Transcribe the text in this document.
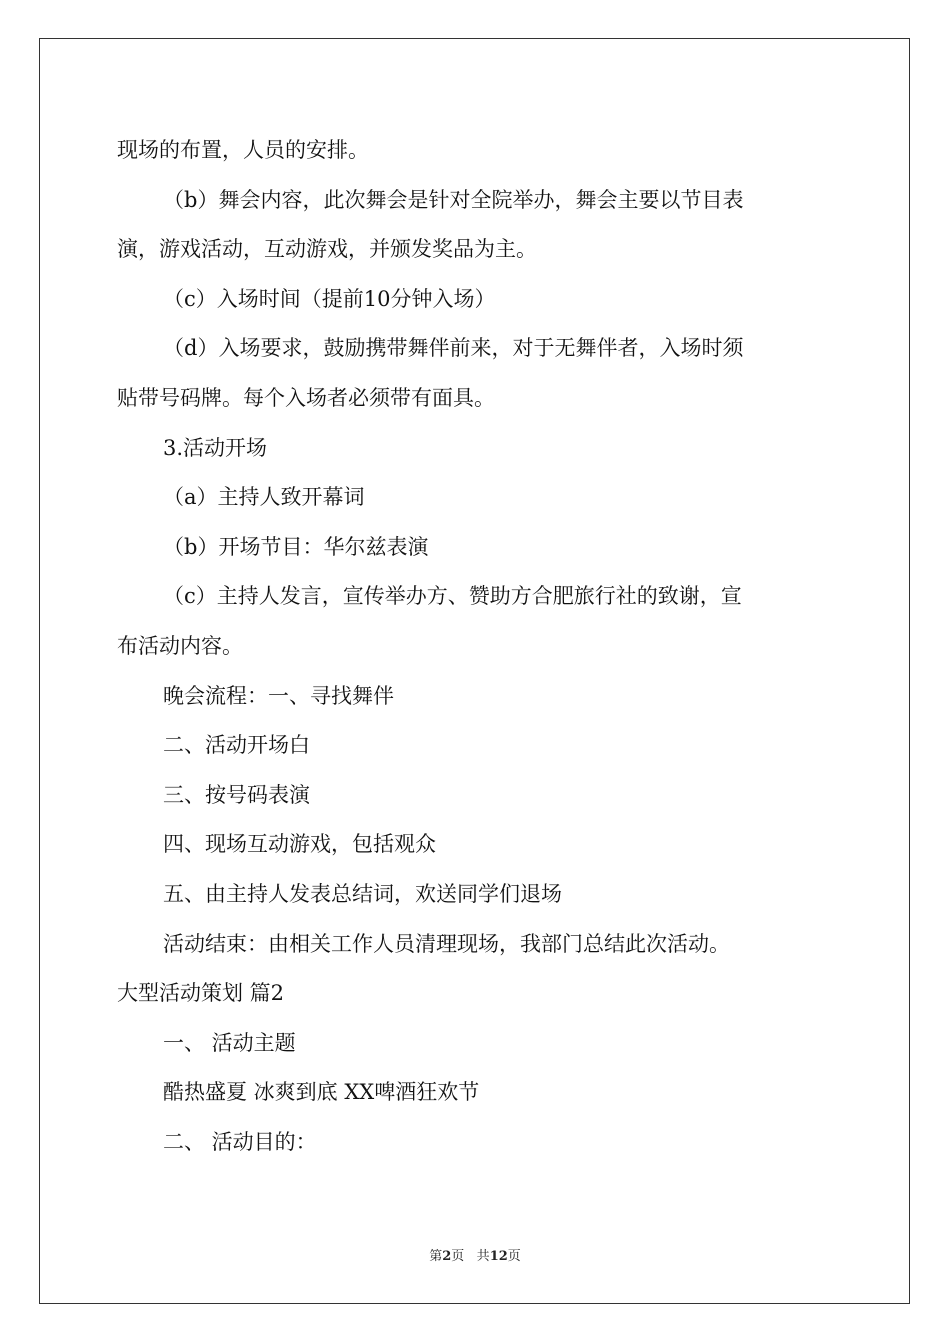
现场的布置，人员的安排。
（b）舞会内容，此次舞会是针对全院举办，舞会主要以节目表
演，游戏活动，互动游戏，并颁发奖品为主。
（c）入场时间（提前10分钟入场）
（d）入场要求，鼓励携带舞伴前来，对于无舞伴者，入场时须
贴带号码牌。每个入场者必须带有面具。
3.活动开场
（a）主持人致开幕词
（b）开场节目：华尔兹表演
（c）主持人发言，宣传举办方、赞助方合肥旅行社的致谢，宣
布活动内容。
晚会流程：一、寻找舞伴
二、活动开场白
三、按号码表演
四、现场互动游戏，包括观众
五、由主持人发表总结词，欢送同学们退场
活动结束：由相关工作人员清理现场，我部门总结此次活动。
大型活动策划 篇2
一、 活动主题
酷热盛夏 冰爽到底 XX啤酒狂欢节
二、 活动目的：
第2页 共12页
